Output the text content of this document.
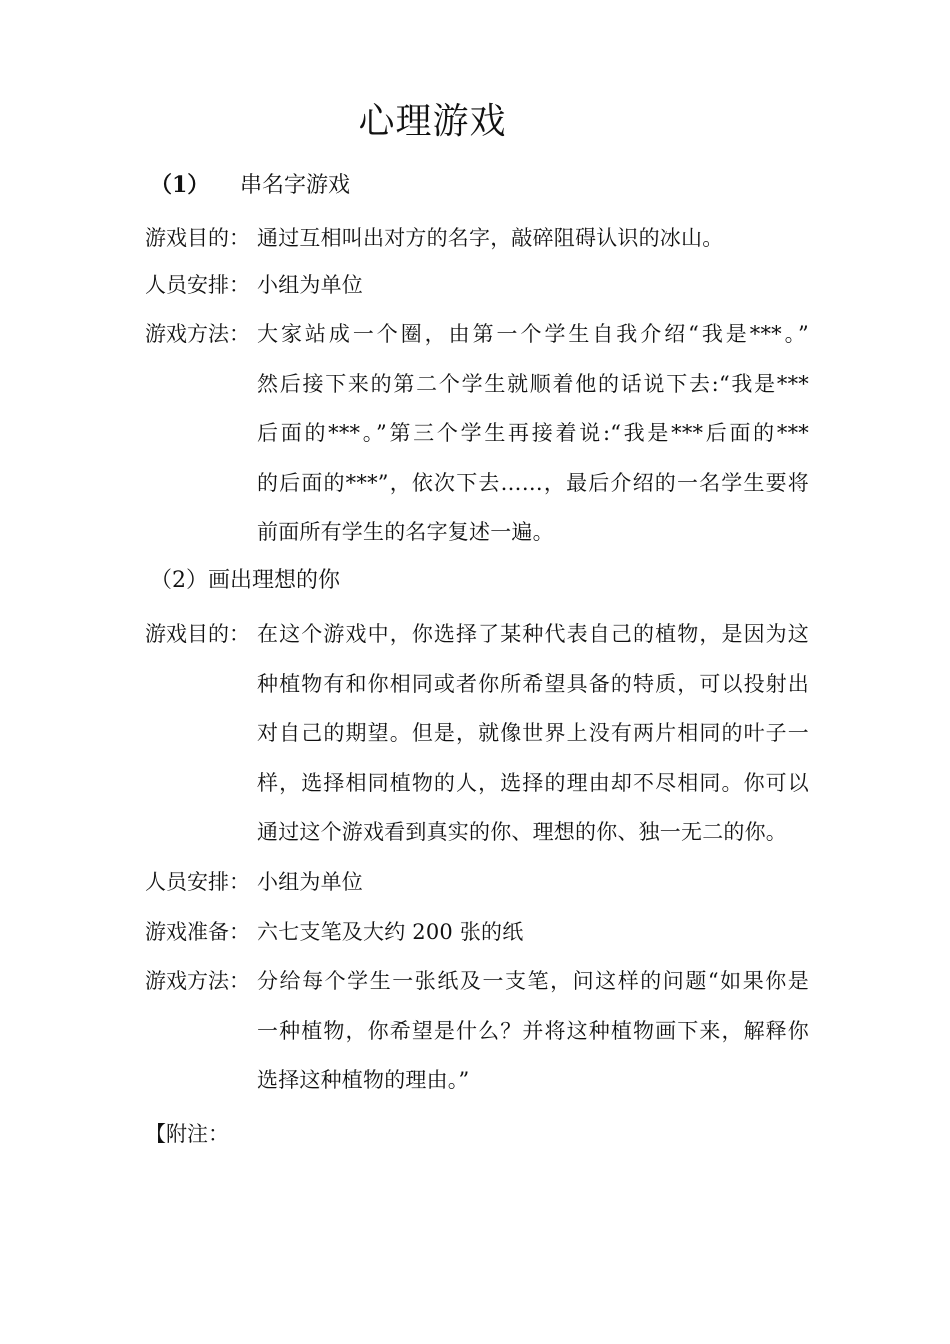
心理游戏
（1） 串名字游戏
游戏目的： 通过互相叫出对方的名字，敲碎阻碍认识的冰山。

人员安排： 小组为单位

游戏方法： 大家站成一个圈，由第一个学生自我介绍“我是***。”

然后接下来的第二个学生就顺着他的话说下去:“我是***

后面的***。”第三个学生再接着说:“我是***后面的***

的后面的***”，依次下去……，最后介绍的一名学生要将

前面所有学生的名字复述一遍。

（2）画出理想的你
游戏目的： 在这个游戏中，你选择了某种代表自己的植物，是因为这

种植物有和你相同或者你所希望具备的特质，可以投射出

对自己的期望。但是，就像世界上没有两片相同的叶子一

样，选择相同植物的人，选择的理由却不尽相同。你可以

通过这个游戏看到真实的你、理想的你、独一无二的你。

人员安排： 小组为单位

游戏准备： 六七支笔及大约 200 张的纸

游戏方法： 分给每个学生一张纸及一支笔，问这样的问题“如果你是

一种植物，你希望是什么？并将这种植物画下来，解释你

选择这种植物的理由。”

【附注：
